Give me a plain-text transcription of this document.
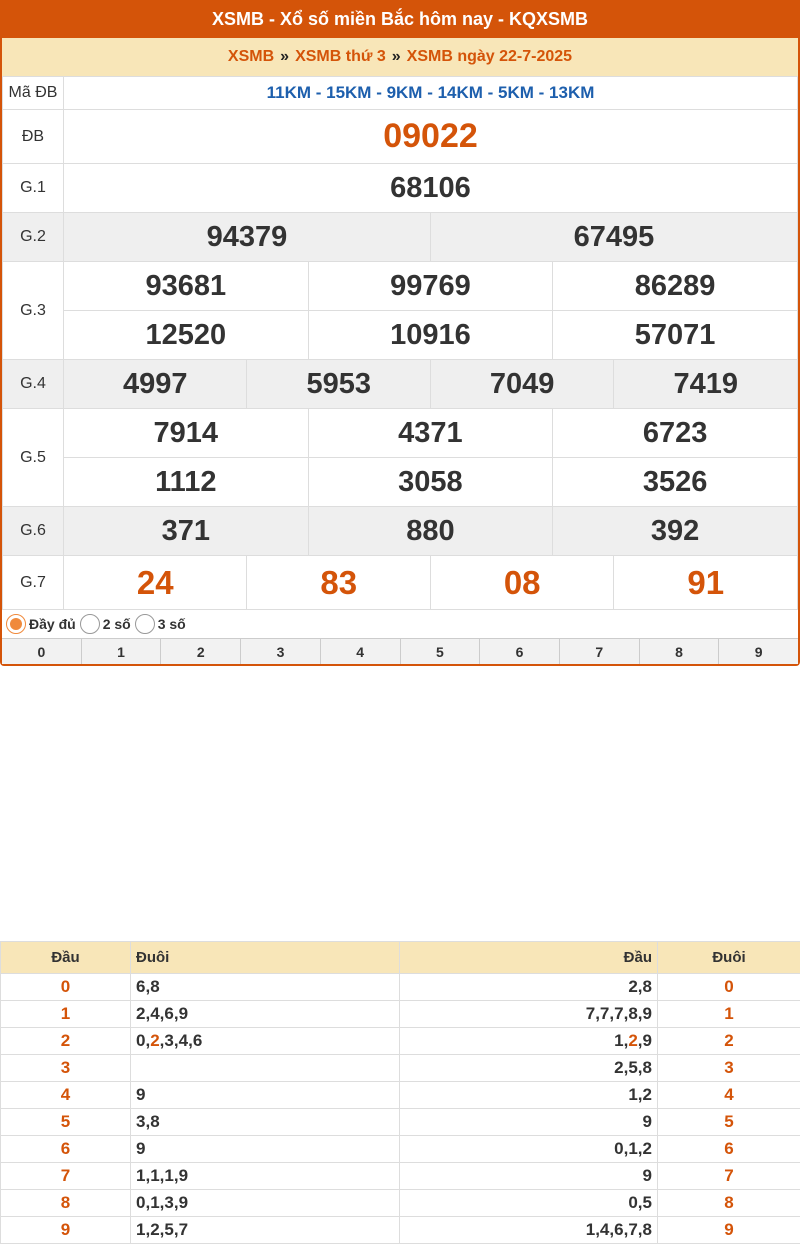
XSMB - Xổ số miền Bắc hôm nay - KQXSMB
XSMB » XSMB thứ 3 » XSMB ngày 22-7-2025
Mã ĐB	11KM - 15KM - 9KM - 14KM - 5KM - 13KM					
ĐB	09022					
G.1	68106					
G.2	94379			67495		
G.3	93681		99769		86289	
	12520		10916		57071	
G.4	4997	5953		7049		7419
G.5	7914		4371		6723	
	1112		3058		3526	
G.6	371		880		392	
G.7	24	83		08		91
Đầy đủ 2 số 3 số
0	1	2	3	4	5	6	7	8	9
Đầu	Đuôi	Đầu	Đuôi
0	6,8	2,8	0
1	2,4,6,9	7,7,7,8,9	1
2	0,2,3,4,6	1,2,9	2
3		2,5,8	3
4	9	1,2	4
5	3,8	9	5
6	9	0,1,2	6
7	1,1,1,9	9	7
8	0,1,3,9	0,5	8
9	1,2,5,7	1,4,6,7,8	9
